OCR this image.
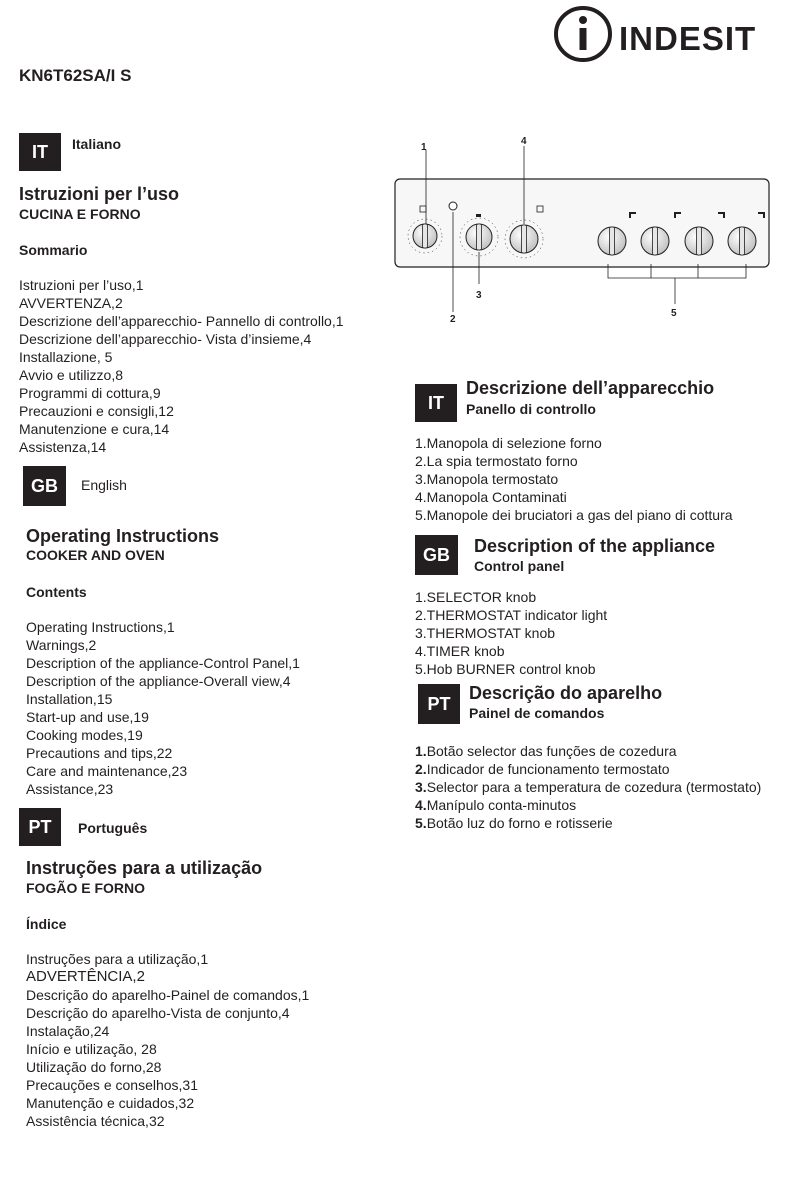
KN6T62SA/I S
INDESIT
IT	Italiano
Istruzioni per l’uso
CUCINA E FORNO
Sommario
Istruzioni per l’uso,1
AVVERTENZA,2
Descrizione dell’apparecchio- Pannello di controllo,1
Descrizione dell’apparecchio- Vista d’insieme,4
Installazione, 5
Avvio e utilizzo,8
Programmi di cottura,9
Precauzioni e consigli,12
Manutenzione e cura,14
Assistenza,14
GB	English
Operating Instructions
COOKER AND OVEN
Contents
Operating Instructions,1
Warnings,2
Description of the appliance-Control Panel,1
Description of the appliance-Overall view,4
Installation,15
Start-up and use,19
Cooking modes,19
Precautions and tips,22
Care and maintenance,23
Assistance,23
PT	Português
Instruções para a utilização
FOGÃO E FORNO
Índice
Instruções para a utilização,1
ADVERTÊNCIA,2
Descrição do aparelho-Painel de comandos,1
Descrição do aparelho-Vista de conjunto,4
Instalação,24
Início e utilização, 28
Utilização do forno,28
Precauções e conselhos,31
Manutenção e cuidados,32
Assistência técnica,32
1
2
3
4
5
IT
Descrizione dell’apparecchio
Panello di controllo
1.Manopola di selezione forno
2.La spia termostato forno
3.Manopola termostato
4.Manopola Contaminati
5.Manopole dei bruciatori a gas del piano di cottura
GB	Description of the appliance
Control panel
1.SELECTOR knob
2.THERMOSTAT indicator light
3.THERMOSTAT knob
4.TIMER knob
5.Hob BURNER control knob
PT
Descrição do aparelho
Painel de comandos
1.Botão selector das funções de cozedura
2.Indicador de funcionamento termostato
3.Selector para a temperatura de cozedura (termostato)
4.Manípulo conta-minutos
5.Botão luz do forno e rotisserie
